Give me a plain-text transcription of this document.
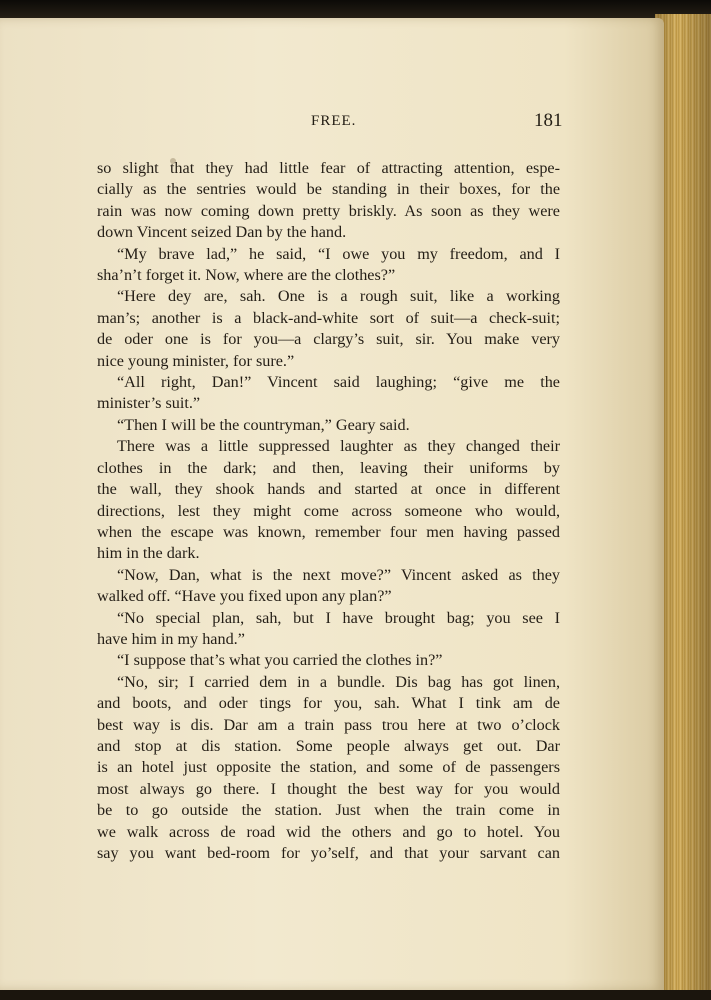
FREE.	181
so slight that they had little fear of attracting attention, espe-
cially as the sentries would be standing in their boxes, for the
rain was now coming down pretty briskly. As soon as they were
down Vincent seized Dan by the hand.
“My brave lad,” he said, “I owe you my freedom, and I
sha’n’t forget it. Now, where are the clothes?”
“Here dey are, sah. One is a rough suit, like a working
man’s; another is a black-and-white sort of suit—a check-suit;
de oder one is for you—a clargy’s suit, sir. You make very
nice young minister, for sure.”
“All right, Dan!” Vincent said laughing; “give me the
minister’s suit.”
“Then I will be the countryman,” Geary said.
There was a little suppressed laughter as they changed their
clothes in the dark; and then, leaving their uniforms by
the wall, they shook hands and started at once in different
directions, lest they might come across someone who would,
when the escape was known, remember four men having passed
him in the dark.
“Now, Dan, what is the next move?” Vincent asked as they
walked off. “Have you fixed upon any plan?”
“No special plan, sah, but I have brought bag; you see I
have him in my hand.”
“I suppose that’s what you carried the clothes in?”
“No, sir; I carried dem in a bundle. Dis bag has got linen,
and boots, and oder tings for you, sah. What I tink am de
best way is dis. Dar am a train pass trou here at two o’clock
and stop at dis station. Some people always get out. Dar
is an hotel just opposite the station, and some of de passengers
most always go there. I thought the best way for you would
be to go outside the station. Just when the train come in
we walk across de road wid the others and go to hotel. You
say you want bed-room for yo’self, and that your sarvant can
